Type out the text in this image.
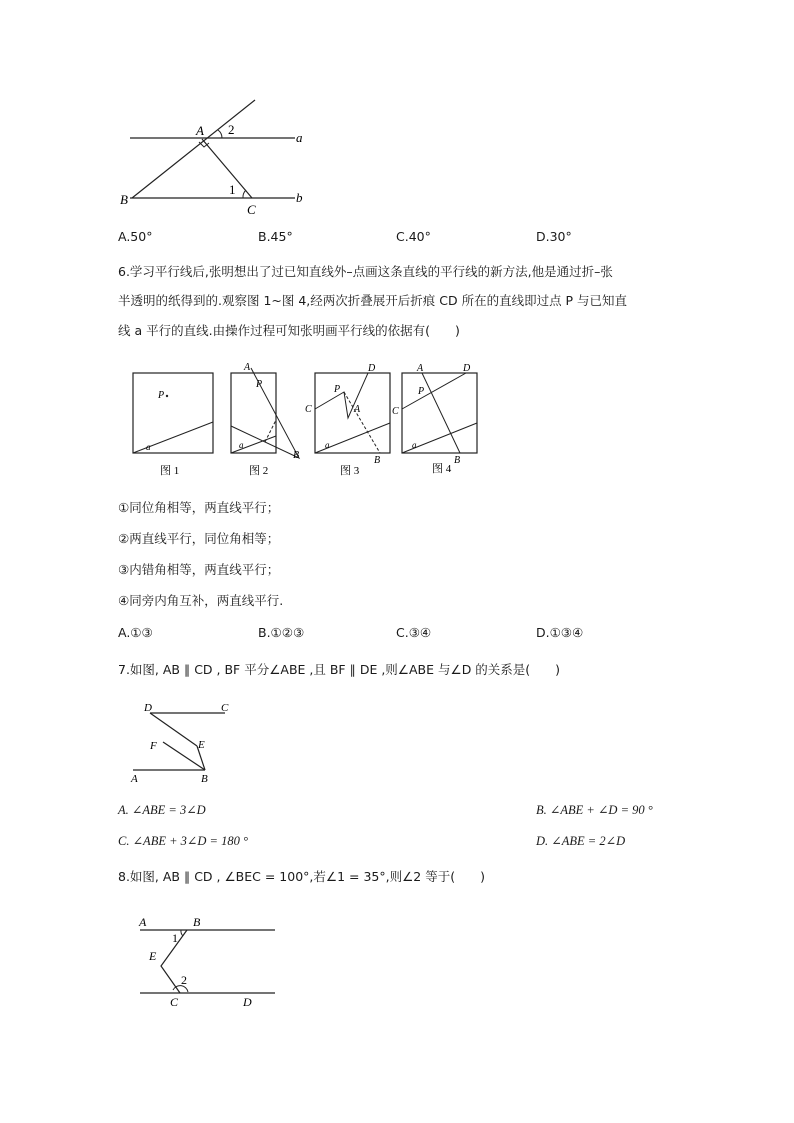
A 2
a
B
1
C
b
A.50°	B.45°	C.40°	D.30°
6.学习平行线后,张明想出了过已知直线外–点画这条直线的平行线的新方法,他是通过折–张
半透明的纸得到的.观察图 1~图 4,经两次折叠展开后折痕 CD 所在的直线即过点 P 与已知直
线 a 平行的直线.由操作过程可知张明画平行线的依据有(　　)
P
a
图 1
A
P
a
B
图 2
P
D
C	A
a
B
图 3
A	D
P
C
a
B
图 4
①同位角相等，两直线平行；
②两直线平行，同位角相等；
③内错角相等，两直线平行；
④同旁内角互补，两直线平行.
A.①③	B.①②③	C.③④	D.①③④
7.如图, AB ∥ CD , BF 平分∠ABE ,且 BF ∥ DE ,则∠ABE 与∠D 的关系是(　　)
D	C
F	E
A	B
A. ∠ABE = 3∠D	B. ∠ABE + ∠D = 90 °
C. ∠ABE + 3∠D = 180 °	D. ∠ABE = 2∠D
8.如图, AB ∥ CD , ∠BEC = 100°,若∠1 = 35°,则∠2 等于(　　)
A	B
1
E
2
C	D
